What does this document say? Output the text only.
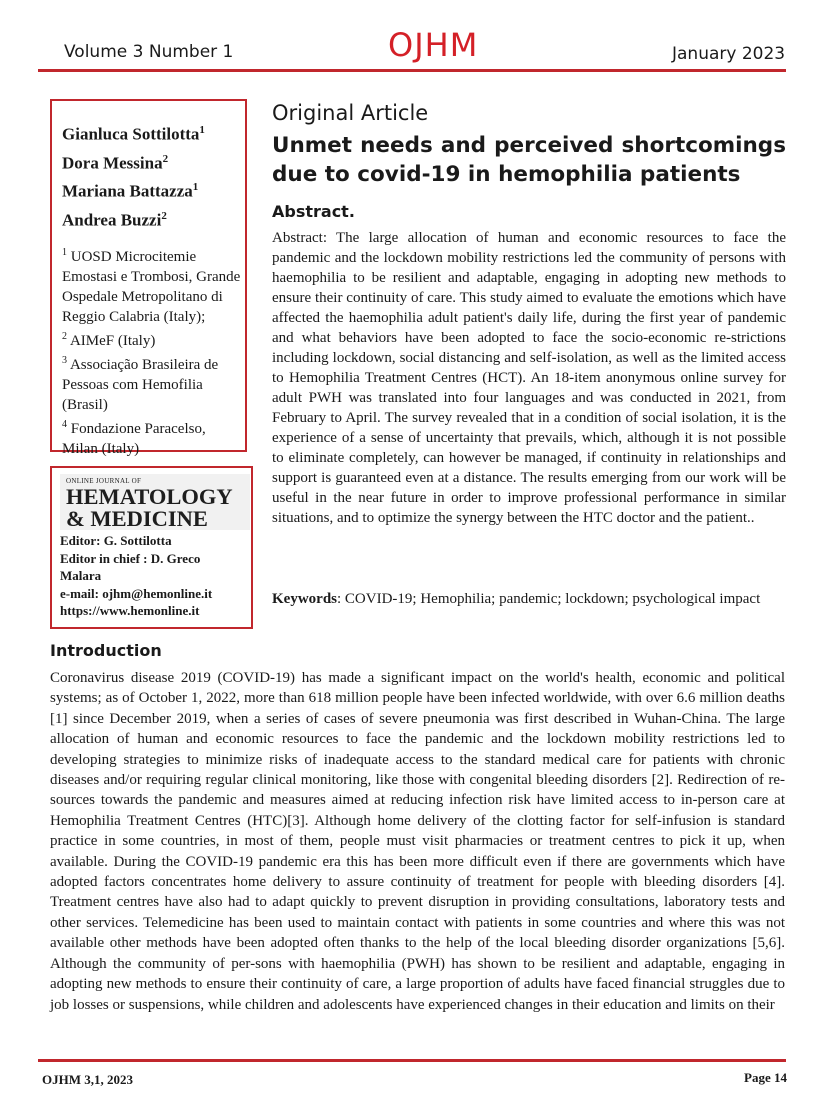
Volume 3 Number 1	OJHM	January 2023
Gianluca Sottilotta$^1$
Dora Messina$^2$
Mariana Battazza$^1$
Andrea Buzzi$^2$
$^1$ UOSD Microcitemie Emostasi e Trombosi, Grande Ospedale Metropolitano di Reggio Calabria (Italy);
$^2$ AIMeF (Italy)
$^3$ Associação Brasileira de Pessoas com Hemofilia (Brasil)
$^4$ Fondazione Paracelso, Milan (Italy)
ONLINE JOURNAL OF
HEMATOLOGY
& MEDICINE
Editor: G. Sottilotta
Editor in chief : D. Greco
Malara
e-mail: ojhm@hemonline.it
https://www.hemonline.it
Original Article
Unmet needs and perceived shortcomings due to covid-19 in hemophilia patients
Abstract.

Abstract: The large allocation of human and economic resources to face the pandemic and the lockdown mobility restrictions led the community of persons with haemophilia to be resilient and adaptable, engaging in adopting new methods to ensure their continuity of care. This study aimed to evaluate the emotions which have affected the haemophilia adult patient's daily life, during the first year of pandemic and what behaviors have been adopted to face the socio-economic re-strictions including lockdown, social distancing and self-isolation, as well as the limited access to Hemophilia Treatment Centres (HCT). An 18-item anonymous online survey for adult PWH was translated into four languages and was conducted in 2021, from February to April. The survey revealed that in a condition of social isolation, it is the experience of a sense of uncertainty that prevails, which, although it is not possible to eliminate completely, can however be managed, if continuity in relationships and support is guaranteed even at a distance. The results emerging from our work will be useful in the near future in order to improve professional performance in similar situations, and to optimize the synergy between the HTC doctor and the patient..

Keywords: COVID-19; Hemophilia; pandemic; lockdown; psychological impact

Introduction

Coronavirus disease 2019 (COVID-19) has made a significant impact on the world's health, economic and political systems; as of October 1, 2022, more than 618 million people have been infected worldwide, with over 6.6 million deaths [1] since December 2019, when a series of cases of severe pneumonia was first described in Wuhan-China. The large allocation of human and economic resources to face the pandemic and the lockdown mobility restrictions led to developing strategies to minimize risks of inadequate access to the standard medical care for patients with chronic diseases and/or requiring regular clinical monitoring, like those with congenital bleeding disorders [2]. Redirection of re-sources towards the pandemic and measures aimed at reducing infection risk have limited access to in-person care at Hemophilia Treatment Centres (HTC)[3]. Although home delivery of the clotting factor for self-infusion is standard practice in some countries, in most of them, people must visit pharmacies or treatment centres to pick it up, when available. During the COVID-19 pandemic era this has been more difficult even if there are governments which have adopted factors concentrates home delivery to assure continuity of treatment for people with bleeding disorders [4]. Treatment centres have also had to adapt quickly to prevent disruption in providing consultations, laboratory tests and other services. Telemedicine has been used to maintain contact with patients in some countries and where this was not available other methods have been adopted often thanks to the help of the local bleeding disorder organizations [5,6]. Although the community of per-sons with haemophilia (PWH) has shown to be resilient and adaptable, engaging in adopting new methods to ensure their continuity of care, a large proportion of adults have faced financial struggles due to job losses or suspensions, while children and adolescents have experienced changes in their education and limits on their

OJHM 3,1, 2023	Page 14
